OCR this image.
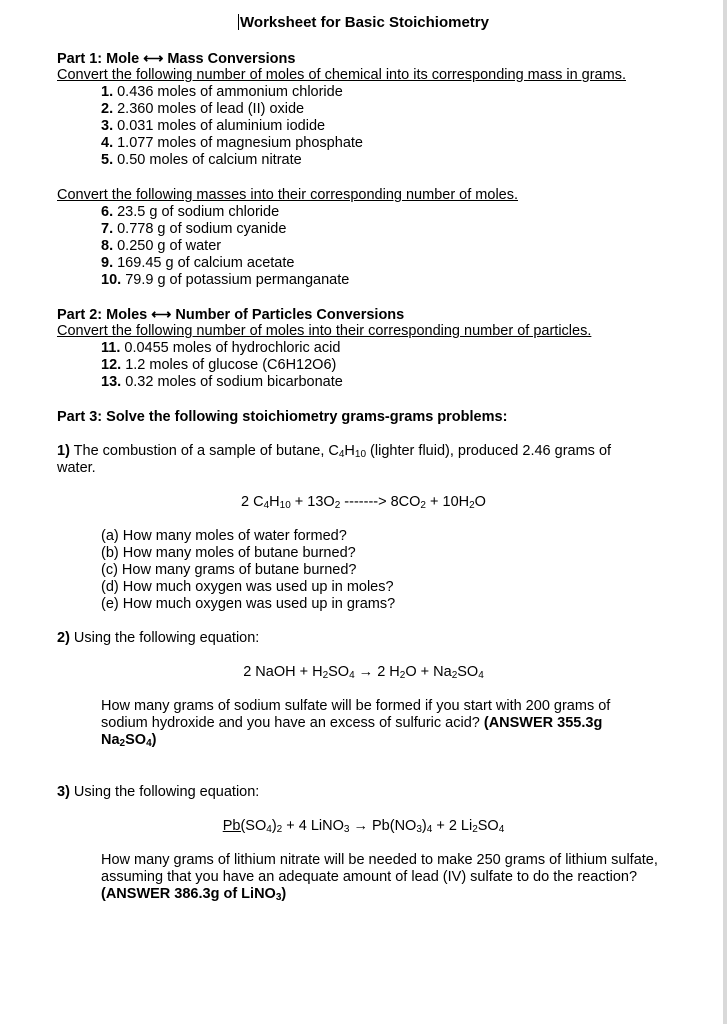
Worksheet for Basic Stoichiometry
Part 1: Mole ⟷ Mass Conversions
Convert the following number of moles of chemical into its corresponding mass in grams.
1. 0.436 moles of ammonium chloride
2. 2.360 moles of lead (II) oxide
3. 0.031 moles of aluminium iodide
4. 1.077 moles of magnesium phosphate
5. 0.50 moles of calcium nitrate
Convert the following masses into their corresponding number of moles.
6. 23.5 g of sodium chloride
7. 0.778 g of sodium cyanide
8. 0.250 g of water
9. 169.45 g of calcium acetate
10. 79.9 g of potassium permanganate
Part 2: Moles ⟷ Number of Particles Conversions
Convert the following number of moles into their corresponding number of particles.
11. 0.0455 moles of hydrochloric acid
12. 1.2 moles of glucose (C6H12O6)
13. 0.32 moles of sodium bicarbonate
Part 3: Solve the following stoichiometry grams-grams problems:
1) The combustion of a sample of butane, $C_4H_{10}$ (lighter fluid), produced 2.46 grams of water.
2 $C_4H_{10} + 13O_2$ -------> $8CO_2 + 10H_2O$
(a) How many moles of water formed?
(b) How many moles of butane burned?
(c) How many grams of butane burned?
(d) How much oxygen was used up in moles?
(e) How much oxygen was used up in grams?
2) Using the following equation:
2 NaOH + $H_2SO_4 \to 2$ $H_2O + Na_2SO_4$
How many grams of sodium sulfate will be formed if you start with 200 grams of sodium hydroxide and you have an excess of sulfuric acid? (ANSWER 355.3g $Na_2SO_4$)
3) Using the following equation:
$Pb(SO_4)_2 + 4$ LiNO$_3$ → $Pb(NO_3)_4 + 2$ $Li_2SO_4$
How many grams of lithium nitrate will be needed to make 250 grams of lithium sulfate, assuming that you have an adequate amount of lead (IV) sulfate to do the reaction? (ANSWER 386.3g of LiNO$_3$)
